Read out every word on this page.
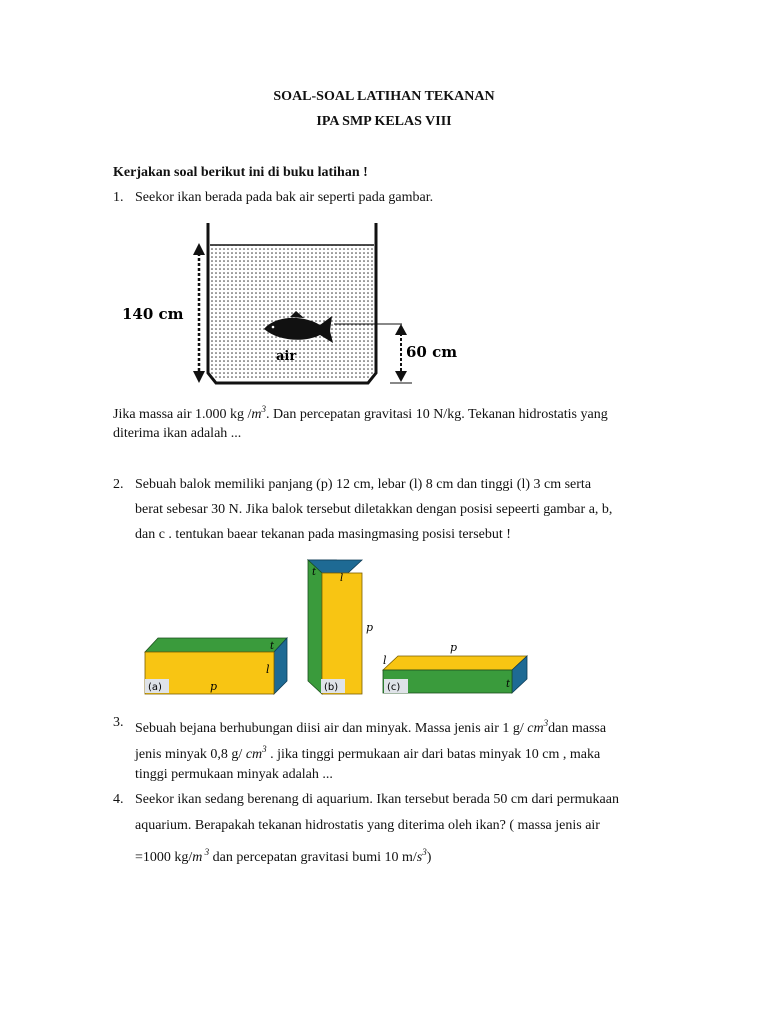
SOAL-SOAL LATIHAN TEKANAN
IPA SMP KELAS VIII
Kerjakan soal berikut ini di buku latihan !
1. Seekor ikan berada pada bak air seperti pada gambar.
140 cm
air	60 cm
Jika massa air 1.000 kg $/m^3$. Dan percepatan gravitasi 10 N/kg. Tekanan hidrostatis yang
diterima ikan adalah ...
2. Sebuah balok memiliki panjang (p) 12 cm, lebar (l) 8 cm dan tinggi (l) 3 cm serta
berat sebesar 30 N. Jika balok tersebut diletakkan dengan posisi sepeerti gambar a, b,
dan c . tentukan baear tekanan pada masingmasing posisi tersebut !
(a)	p
l
t
(b)
t
l
p
(c)
p
l
t
3. Sebuah bejana berhubungan diisi air dan minyak. Massa jenis air 1 g/ $cm^3dan$ massa
jenis minyak 0,8 g/ $cm^3$ . jika tinggi permukaan air dari batas minyak 10 cm , maka
tinggi permukaan minyak adalah ...
4. Seekor ikan sedang berenang di aquarium. Ikan tersebut berada 50 cm dari permukaan
aquarium. Berapakah tekanan hidrostatis yang diterima oleh ikan? ( massa jenis air
=1000 kg/m $^3$ dan percepatan gravitasi bumi 10 $m/s^3$)
